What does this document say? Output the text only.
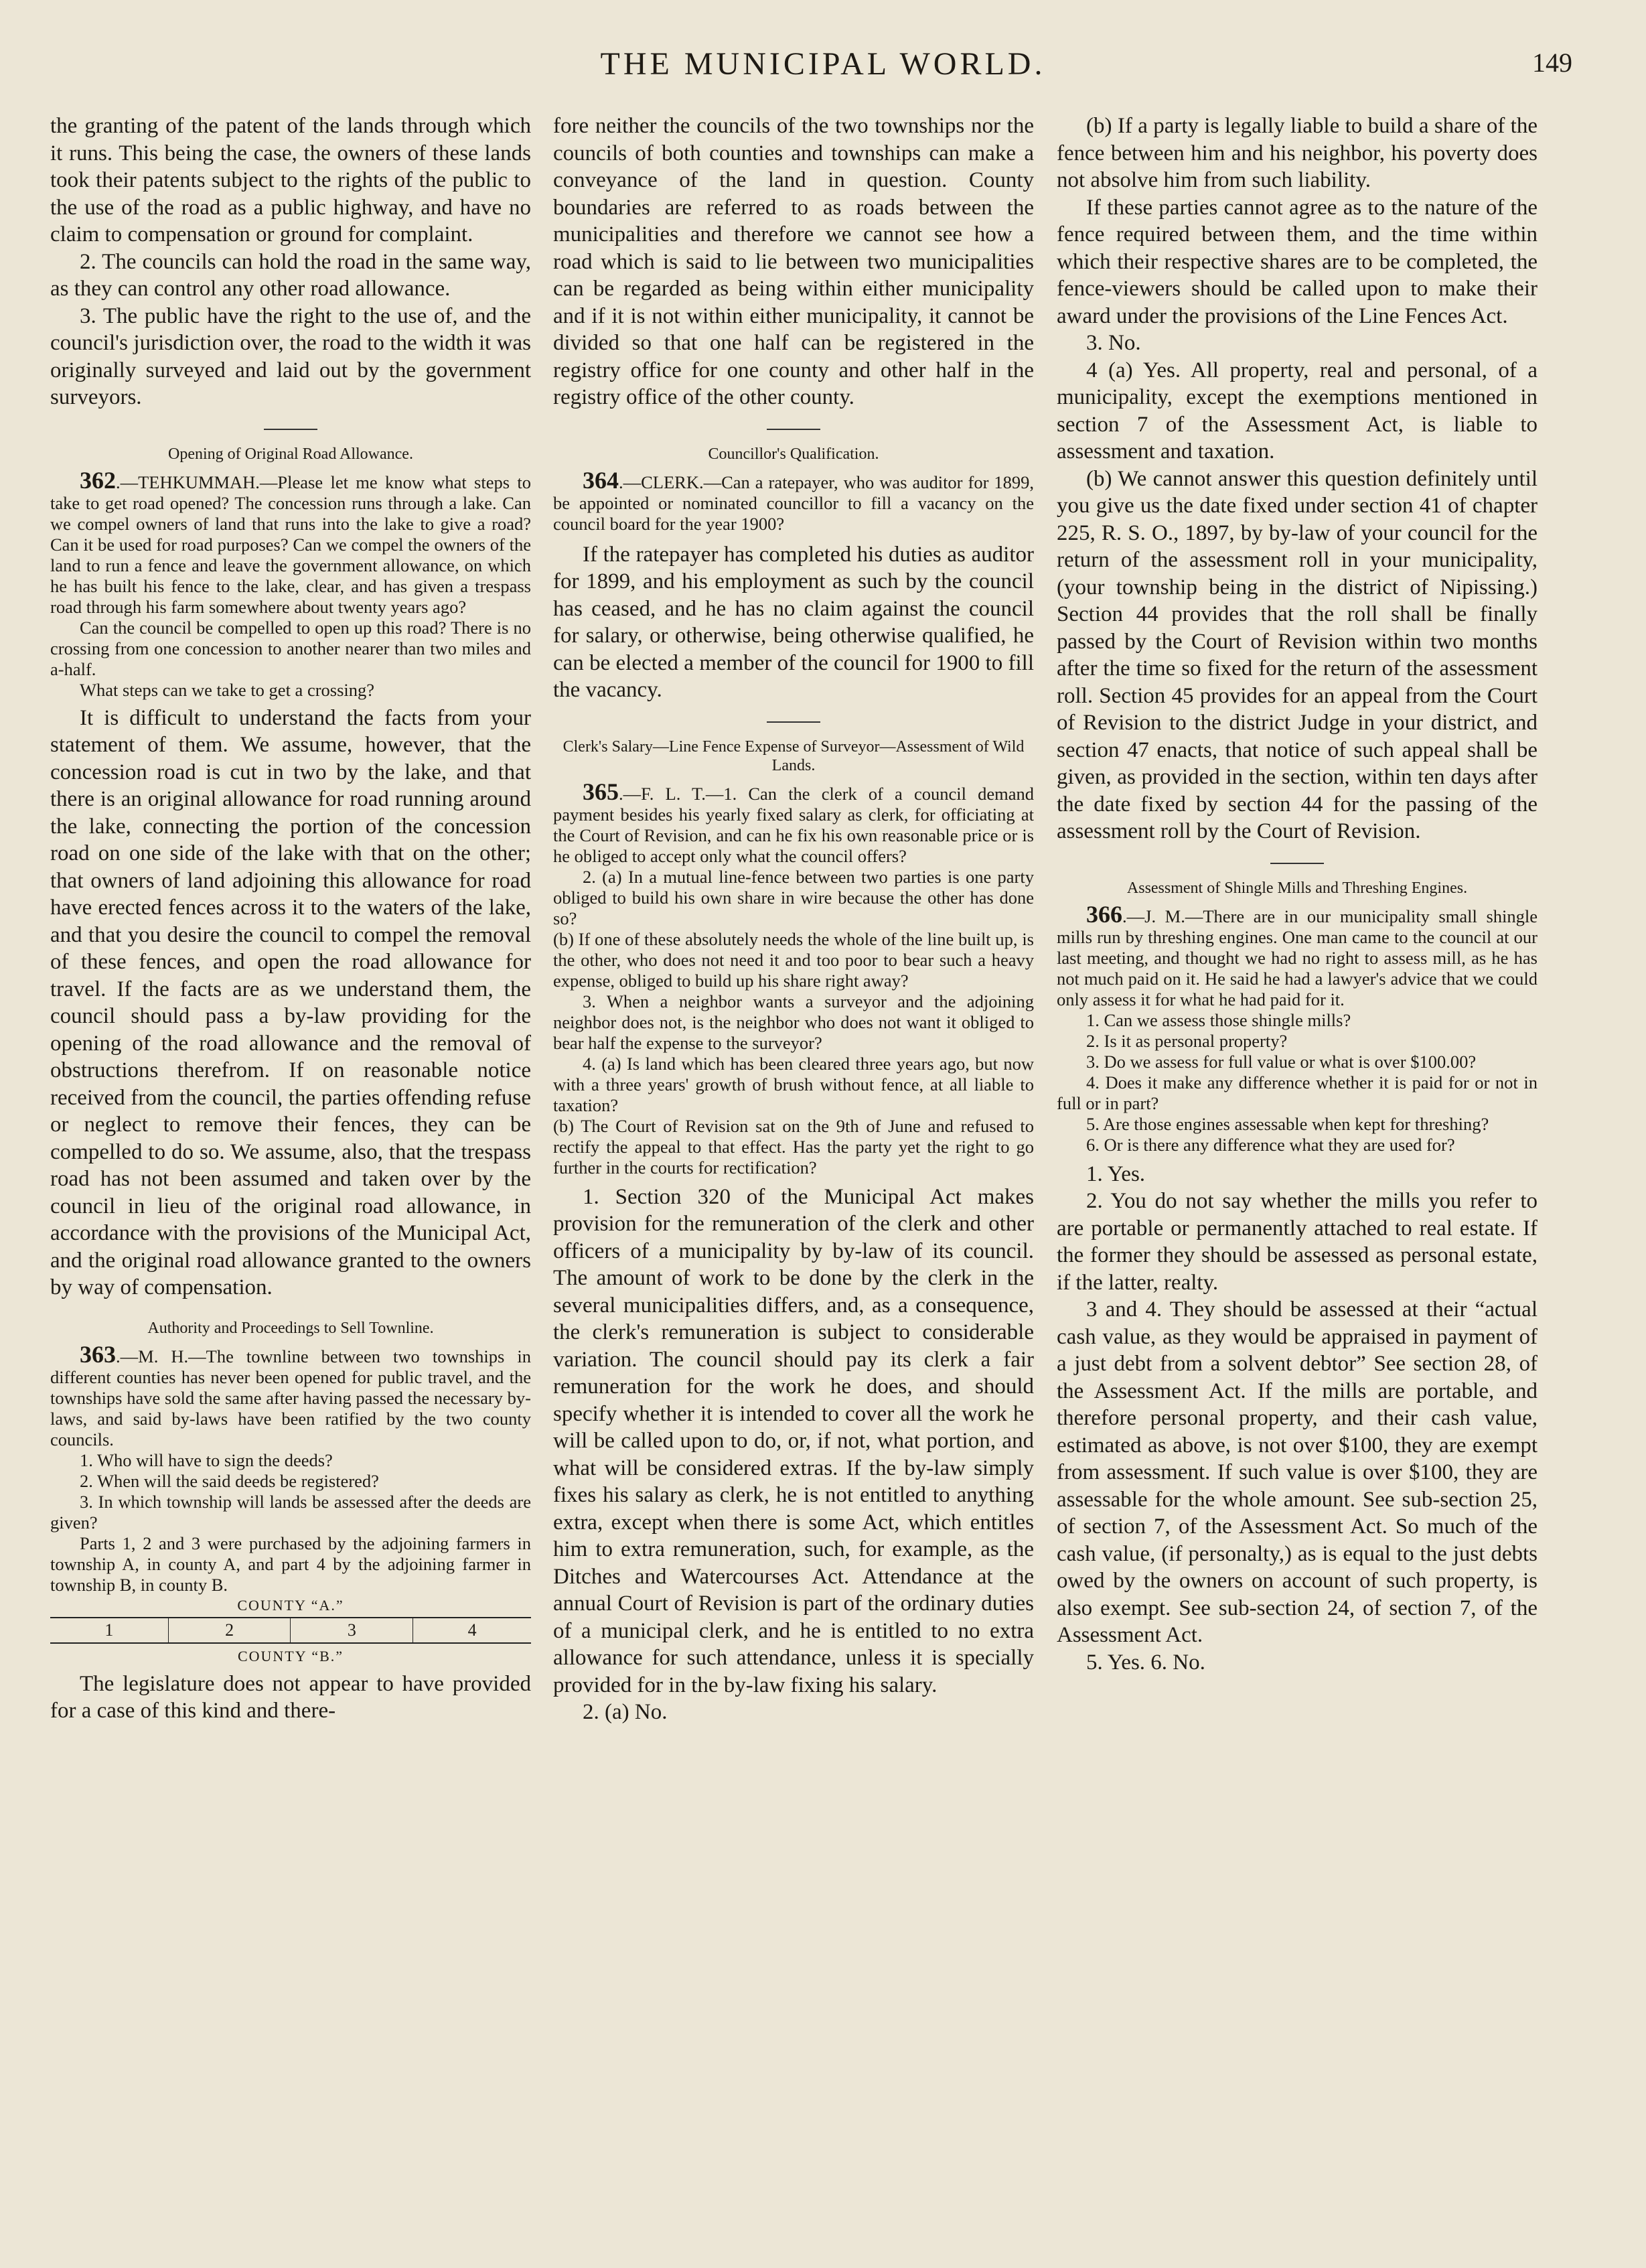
THE MUNICIPAL WORLD.	149

the granting of the patent of the lands through which it runs. This being the case, the owners of these lands took their patents subject to the rights of the public to the use of the road as a public highway, and have no claim to compensation or ground for complaint.

2. The councils can hold the road in the same way, as they can control any other road allowance.

3. The public have the right to the use of, and the council's jurisdiction over, the road to the width it was originally surveyed and laid out by the government surveyors.

Opening of Original Road Allowance.

362.—TEHKUMMAH.—Please let me know what steps to take to get road opened? The concession runs through a lake. Can we compel owners of land that runs into the lake to give a road? Can it be used for road purposes? Can we compel the owners of the land to run a fence and leave the government allowance, on which he has built his fence to the lake, clear, and has given a trespass road through his farm somewhere about twenty years ago?

Can the council be compelled to open up this road? There is no crossing from one concession to another nearer than two miles and a-half.

What steps can we take to get a crossing?

It is difficult to understand the facts from your statement of them. We assume, however, that the concession road is cut in two by the lake, and that there is an original allowance for road running around the lake, connecting the portion of the concession road on one side of the lake with that on the other; that owners of land adjoining this allowance for road have erected fences across it to the waters of the lake, and that you desire the council to compel the removal of these fences, and open the road allowance for travel. If the facts are as we understand them, the council should pass a by-law providing for the opening of the road allowance and the removal of obstructions therefrom. If on reasonable notice received from the council, the parties offending refuse or neglect to remove their fences, they can be compelled to do so. We assume, also, that the trespass road has not been assumed and taken over by the council in lieu of the original road allowance, in accordance with the provisions of the Municipal Act, and the original road allowance granted to the owners by way of compensation.

Authority and Proceedings to Sell Townline.

363.—M. H.—The townline between two townships in different counties has never been opened for public travel, and the townships have sold the same after having passed the necessary by-laws, and said by-laws have been ratified by the two county councils.

1. Who will have to sign the deeds?

2. When will the said deeds be registered?

3. In which township will lands be assessed after the deeds are given?

Parts 1, 2 and 3 were purchased by the adjoining farmers in township A, in county A, and part 4 by the adjoining farmer in township B, in county B.

COUNTY “A.”
1	2	3	4
COUNTY “B.”

The legislature does not appear to have provided for a case of this kind and there-

fore neither the councils of the two townships nor the councils of both counties and townships can make a conveyance of the land in question. County boundaries are referred to as roads between the municipalities and therefore we cannot see how a road which is said to lie between two municipalities can be regarded as being within either municipality and if it is not within either municipality, it cannot be divided so that one half can be registered in the registry office for one county and other half in the registry office of the other county.

Councillor's Qualification.

364.—CLERK.—Can a ratepayer, who was auditor for 1899, be appointed or nominated councillor to fill a vacancy on the council board for the year 1900?

If the ratepayer has completed his duties as auditor for 1899, and his employment as such by the council has ceased, and he has no claim against the council for salary, or otherwise, being otherwise qualified, he can be elected a member of the council for 1900 to fill the vacancy.

Clerk's Salary—Line Fence Expense of Surveyor—Assessment of Wild Lands.

365.—F. L. T.—1. Can the clerk of a council demand payment besides his yearly fixed salary as clerk, for officiating at the Court of Revision, and can he fix his own reasonable price or is he obliged to accept only what the council offers?

2. (a) In a mutual line-fence between two parties is one party obliged to build his own share in wire because the other has done so?

(b) If one of these absolutely needs the whole of the line built up, is the other, who does not need it and too poor to bear such a heavy expense, obliged to build up his share right away?

3. When a neighbor wants a surveyor and the adjoining neighbor does not, is the neighbor who does not want it obliged to bear half the expense to the surveyor?

4. (a) Is land which has been cleared three years ago, but now with a three years' growth of brush without fence, at all liable to taxation?

(b) The Court of Revision sat on the 9th of June and refused to rectify the appeal to that effect. Has the party yet the right to go further in the courts for rectification?

1. Section 320 of the Municipal Act makes provision for the remuneration of the clerk and other officers of a municipality by by-law of its council. The amount of work to be done by the clerk in the several municipalities differs, and, as a consequence, the clerk's remuneration is subject to considerable variation. The council should pay its clerk a fair remuneration for the work he does, and should specify whether it is intended to cover all the work he will be called upon to do, or, if not, what portion, and what will be considered extras. If the by-law simply fixes his salary as clerk, he is not entitled to anything extra, except when there is some Act, which entitles him to extra remuneration, such, for example, as the Ditches and Watercourses Act. Attendance at the annual Court of Revision is part of the ordinary duties of a municipal clerk, and he is entitled to no extra allowance for such attendance, unless it is specially provided for in the by-law fixing his salary.

2. (a) No.

(b) If a party is legally liable to build a share of the fence between him and his neighbor, his poverty does not absolve him from such liability.

If these parties cannot agree as to the nature of the fence required between them, and the time within which their respective shares are to be completed, the fence-viewers should be called upon to make their award under the provisions of the Line Fences Act.

3. No.

4 (a) Yes. All property, real and personal, of a municipality, except the exemptions mentioned in section 7 of the Assessment Act, is liable to assessment and taxation.

(b) We cannot answer this question definitely until you give us the date fixed under section 41 of chapter 225, R. S. O., 1897, by by-law of your council for the return of the assessment roll in your municipality, (your township being in the district of Nipissing.) Section 44 provides that the roll shall be finally passed by the Court of Revision within two months after the time so fixed for the return of the assessment roll. Section 45 provides for an appeal from the Court of Revision to the district Judge in your district, and section 47 enacts, that notice of such appeal shall be given, as provided in the section, within ten days after the date fixed by section 44 for the passing of the assessment roll by the Court of Revision.

Assessment of Shingle Mills and Threshing Engines.

366.—J. M.—There are in our municipality small shingle mills run by threshing engines. One man came to the council at our last meeting, and thought we had no right to assess mill, as he has not much paid on it. He said he had a lawyer's advice that we could only assess it for what he had paid for it.

1. Can we assess those shingle mills?

2. Is it as personal property?

3. Do we assess for full value or what is over $100.00?

4. Does it make any difference whether it is paid for or not in full or in part?

5. Are those engines assessable when kept for threshing?

6. Or is there any difference what they are used for?

1. Yes.

2. You do not say whether the mills you refer to are portable or permanently attached to real estate. If the former they should be assessed as personal estate, if the latter, realty.

3 and 4. They should be assessed at their “actual cash value, as they would be appraised in payment of a just debt from a solvent debtor” See section 28, of the Assessment Act. If the mills are portable, and therefore personal property, and their cash value, estimated as above, is not over $100, they are exempt from assessment. If such value is over $100, they are assessable for the whole amount. See sub-section 25, of section 7, of the Assessment Act. So much of the cash value, (if personalty,) as is equal to the just debts owed by the owners on account of such property, is also exempt. See sub-section 24, of section 7, of the Assessment Act.

5. Yes. 6. No.
